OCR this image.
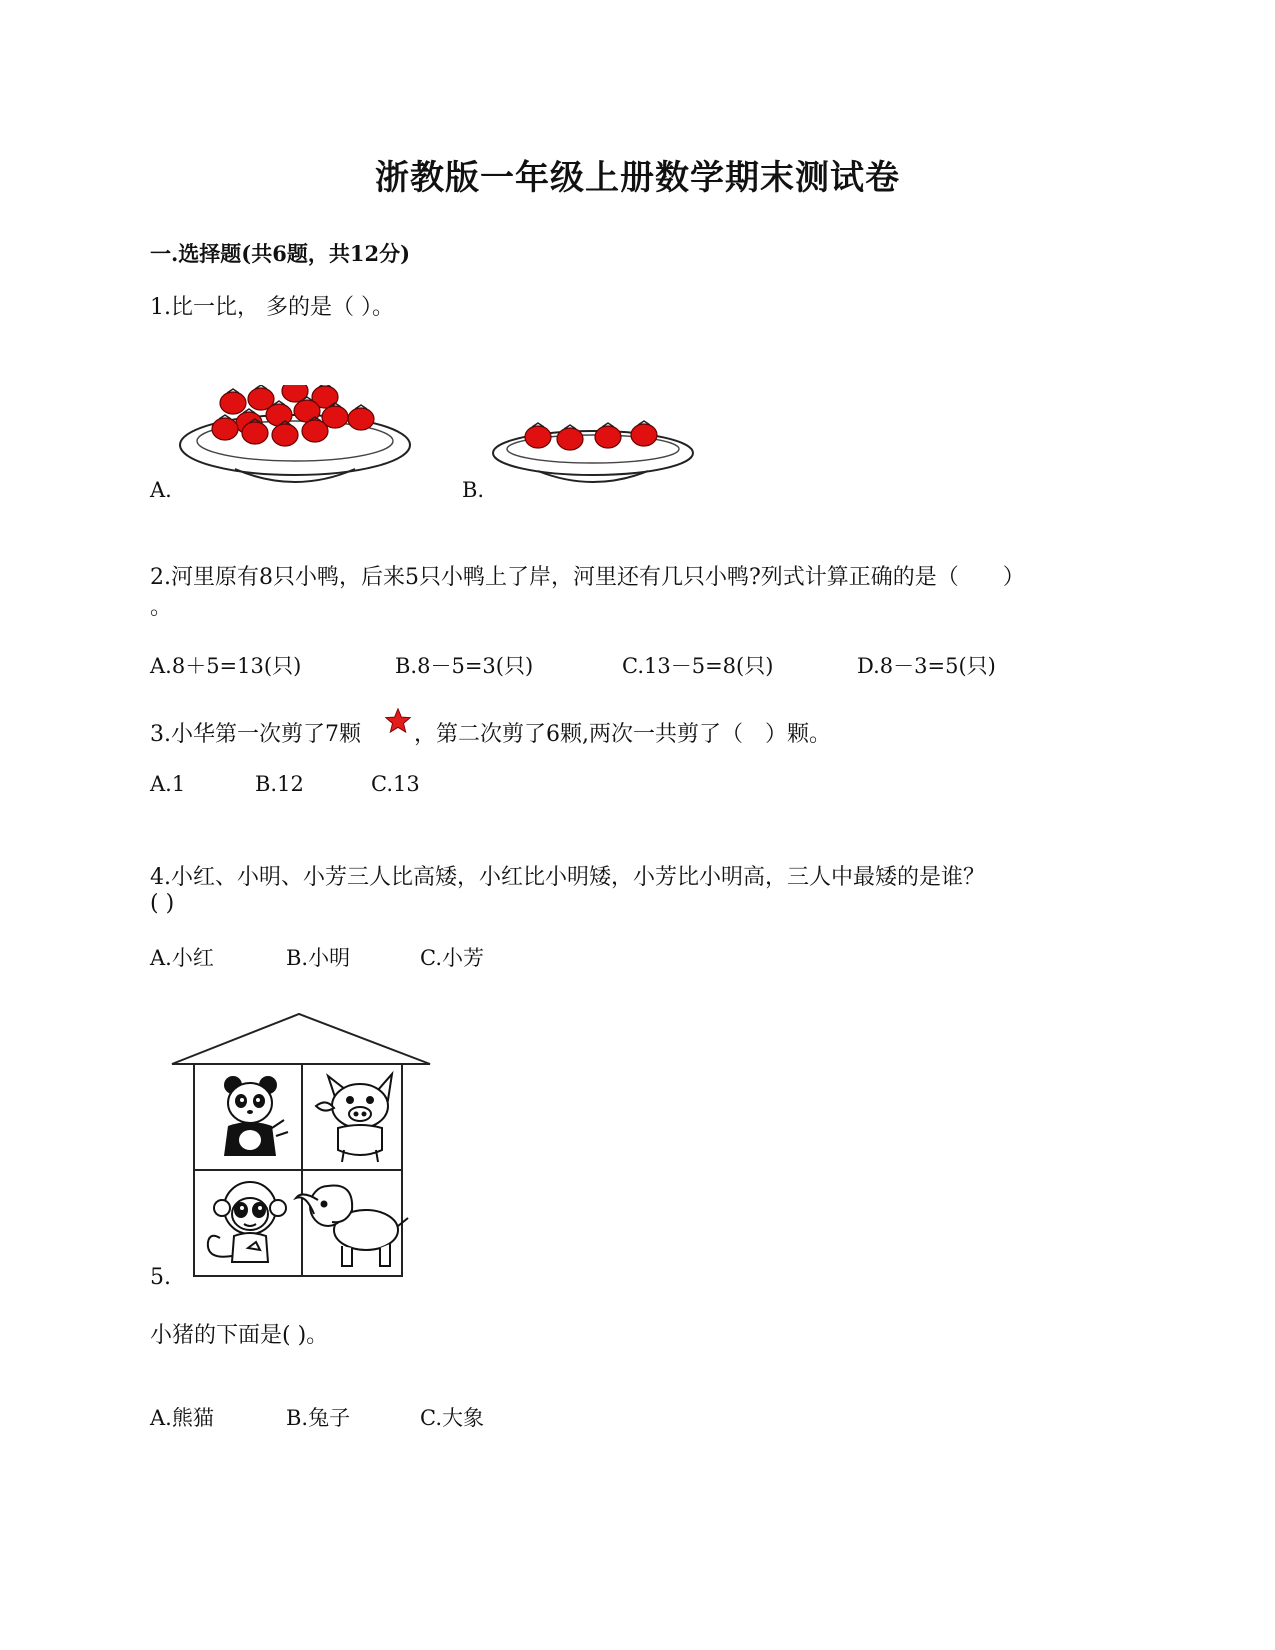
浙教版一年级上册数学期末测试卷
一.选择题(共6题，共12分)
1.比一比， 多的是（ ）。
A.	B.
2.河里原有8只小鸭，后来5只小鸭上了岸，河里还有几只小鸭?列式计算正确的是（　　）
。
A.8＋5=13(只)	B.8－5=3(只)	C.13－5=8(只)	D.8－3=5(只)
3.小华第一次剪了7颗 ，第二次剪了6颗,两次一共剪了（　）颗。
A.1	B.12	C.13
4.小红、小明、小芳三人比高矮，小红比小明矮，小芳比小明高，三人中最矮的是谁？
( )
A.小红	B.小明	C.小芳
5.
小猪的下面是( )。
A.熊猫	B.兔子	C.大象
